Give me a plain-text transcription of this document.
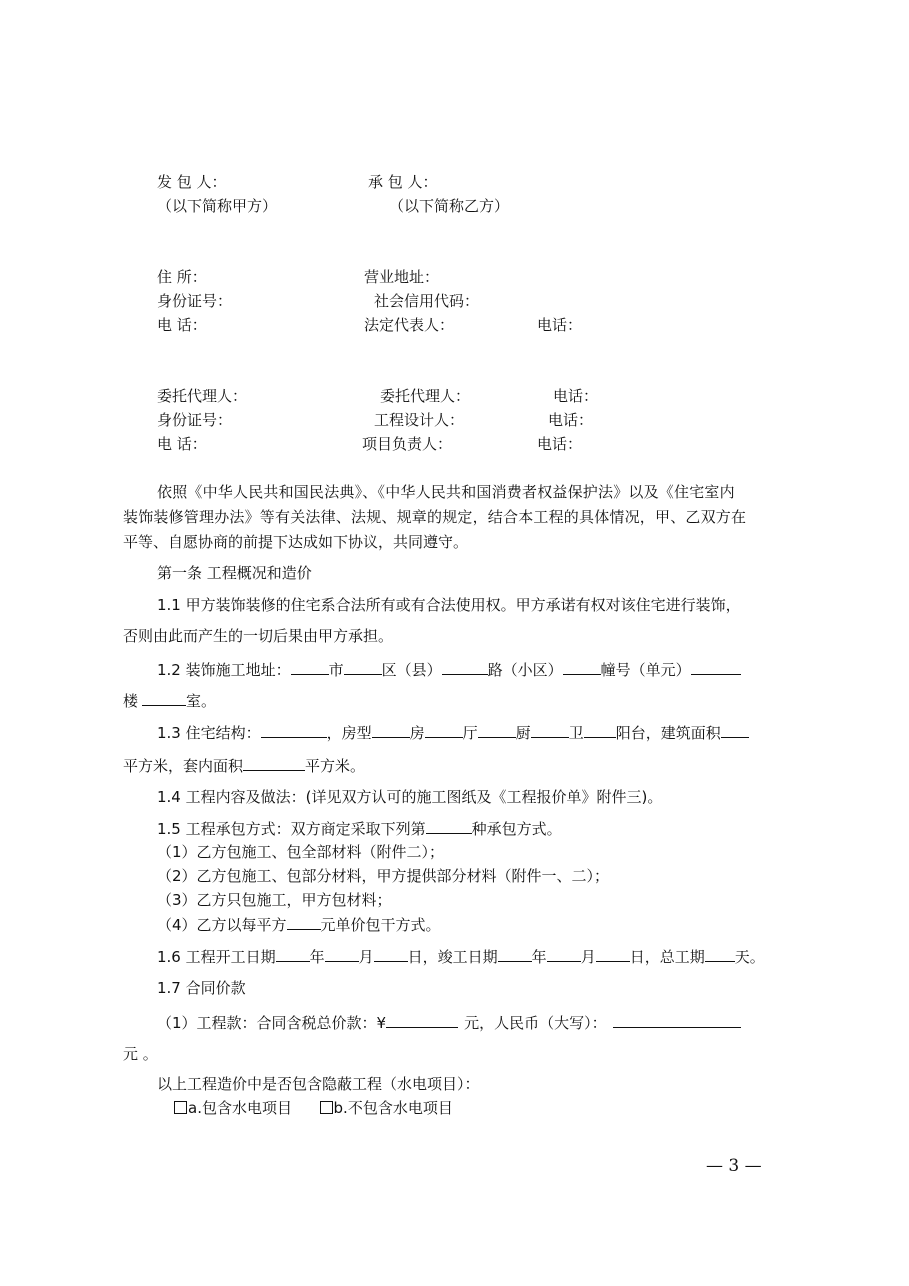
发 包 人：	承 包 人：
（以下简称甲方）	（以下简称乙方）
住 所：	营业地址：
身份证号：	社会信用代码：
电 话：	法定代表人：	电话：
委托代理人：	委托代理人：	电话：
身份证号：	工程设计人：	电话：
电 话：	项目负责人：	电话：
依照《中华人民共和国民法典》、《中华人民共和国消费者权益保护法》以及《住宅室内
装饰装修管理办法》等有关法律、法规、规章的规定，结合本工程的具体情况，甲、乙双方在
平等、自愿协商的前提下达成如下协议，共同遵守。
第一条 工程概况和造价
1.1 甲方装饰装修的住宅系合法所有或有合法使用权。甲方承诺有权对该住宅进行装饰，
否则由此而产生的一切后果由甲方承担。
1.2 装饰施工地址：	市	区（县）	路（小区）	幢号（单元）
楼	室。
1.3 住宅结构：	，房型	房	厅	厨	卫 阳台，建筑面积
平方米，套内面积	平方米。
1.4 工程内容及做法：(详见双方认可的施工图纸及《工程报价单》附件三)。
1.5 工程承包方式：双方商定采取下列第	种承包方式。
（1）乙方包施工、包全部材料（附件二）；
（2）乙方包施工、包部分材料，甲方提供部分材料（附件一、二）；
（3）乙方只包施工，甲方包材料；
（4）乙方以每平方 元单价包干方式。
1.6 工程开工日期 年 月 日，竣工日期 年 月 日，总工期 天。
1.7 合同价款
（1）工程款：合同含税总价款：¥	元，人民币（大写）：
元 。
以上工程造价中是否包含隐蔽工程（水电项目）：
a.包含水电项目	b.不包含水电项目
— 3 —
